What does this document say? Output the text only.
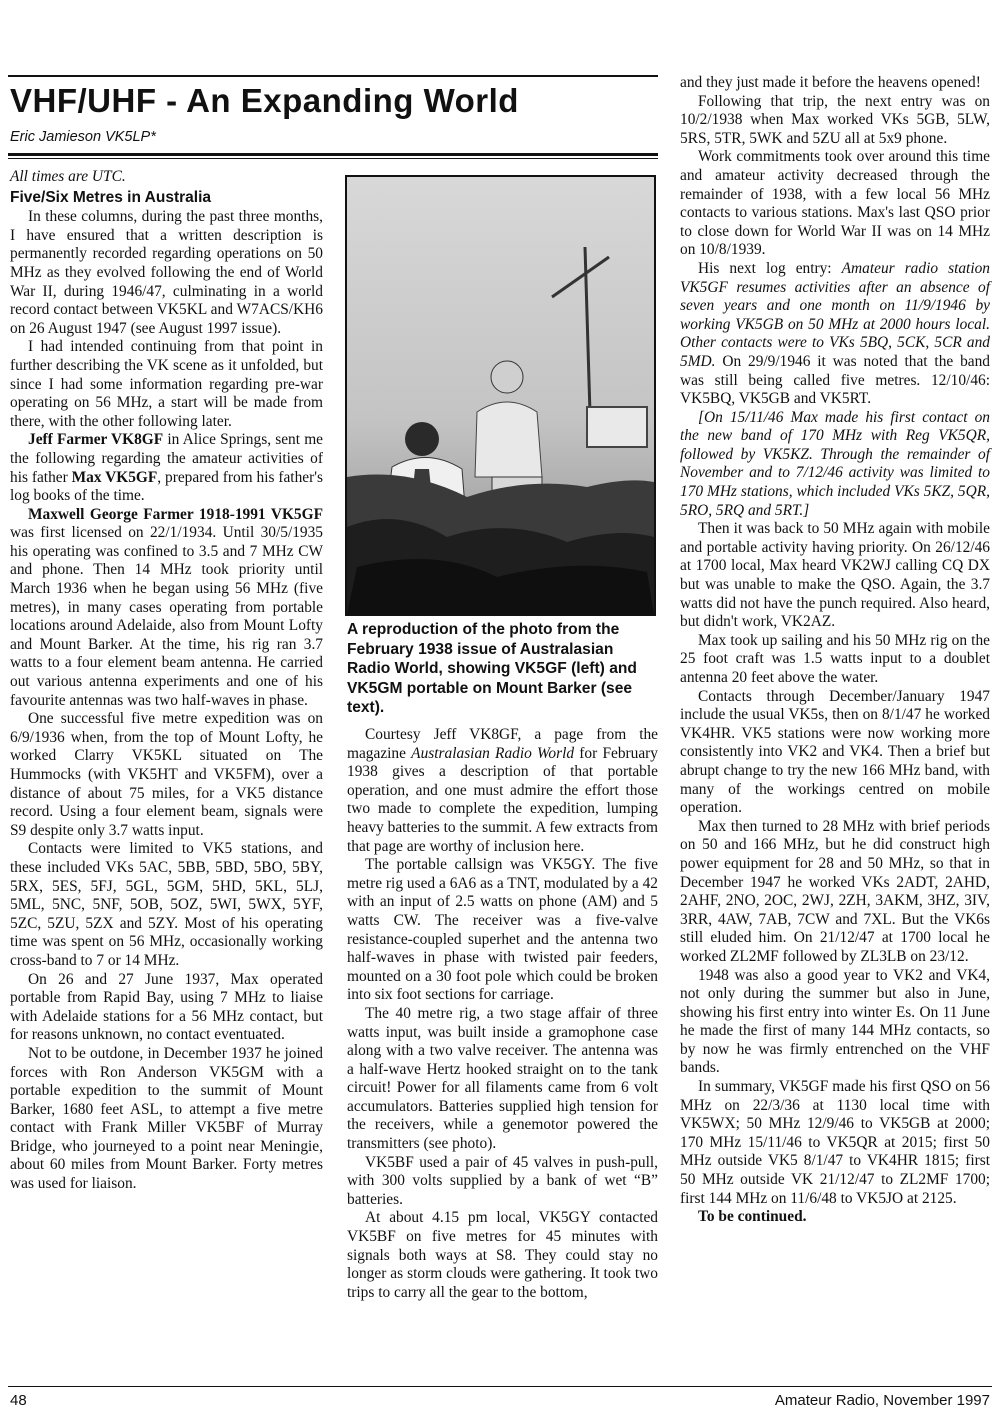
VHF/UHF - An Expanding World
Eric Jamieson VK5LP*

All times are UTC.

Five/Six Metres in Australia

In these columns, during the past three months, I have ensured that a written description is permanently recorded regarding operations on 50 MHz as they evolved following the end of World War II, during 1946/47, culminating in a world record contact between VK5KL and W7ACS/KH6 on 26 August 1947 (see August 1997 issue).

I had intended continuing from that point in further describing the VK scene as it unfolded, but since I had some information regarding pre-war operating on 56 MHz, a start will be made from there, with the other following later.

Jeff Farmer VK8GF in Alice Springs, sent me the following regarding the amateur activities of his father Max VK5GF, prepared from his father's log books of the time.

Maxwell George Farmer 1918-1991 VK5GF was first licensed on 22/1/1934. Until 30/5/1935 his operating was confined to 3.5 and 7 MHz CW and phone. Then 14 MHz took priority until March 1936 when he began using 56 MHz (five metres), in many cases operating from portable locations around Adelaide, also from Mount Lofty and Mount Barker. At the time, his rig ran 3.7 watts to a four element beam antenna. He carried out various antenna experiments and one of his favourite antennas was two half-waves in phase.

One successful five metre expedition was on 6/9/1936 when, from the top of Mount Lofty, he worked Clarry VK5KL situated on The Hummocks (with VK5HT and VK5FM), over a distance of about 75 miles, for a VK5 distance record. Using a four element beam, signals were S9 despite only 3.7 watts input.

Contacts were limited to VK5 stations, and these included VKs 5AC, 5BB, 5BD, 5BO, 5BY, 5RX, 5ES, 5FJ, 5GL, 5GM, 5HD, 5KL, 5LJ, 5ML, 5NC, 5NF, 5OB, 5OZ, 5WI, 5WX, 5YF, 5ZC, 5ZU, 5ZX and 5ZY. Most of his operating time was spent on 56 MHz, occasionally working cross-band to 7 or 14 MHz.

On 26 and 27 June 1937, Max operated portable from Rapid Bay, using 7 MHz to liaise with Adelaide stations for a 56 MHz contact, but for reasons unknown, no contact eventuated.

Not to be outdone, in December 1937 he joined forces with Ron Anderson VK5GM with a portable expedition to the summit of Mount Barker, 1680 feet ASL, to attempt a five metre contact with Frank Miller VK5BF of Murray Bridge, who journeyed to a point near Meningie, about 60 miles from Mount Barker. Forty metres was used for liaison.

A reproduction of the photo from the February 1938 issue of Australasian Radio World, showing VK5GF (left) and VK5GM portable on Mount Barker (see text).

Courtesy Jeff VK8GF, a page from the magazine Australasian Radio World for February 1938 gives a description of that portable operation, and one must admire the effort those two made to complete the expedition, lumping heavy batteries to the summit. A few extracts from that page are worthy of inclusion here.

The portable callsign was VK5GY. The five metre rig used a 6A6 as a TNT, modulated by a 42 with an input of 2.5 watts on phone (AM) and 5 watts CW. The receiver was a five-valve resistance-coupled superhet and the antenna two half-waves in phase with twisted pair feeders, mounted on a 30 foot pole which could be broken into six foot sections for carriage.

The 40 metre rig, a two stage affair of three watts input, was built inside a gramophone case along with a two valve receiver. The antenna was a half-wave Hertz hooked straight on to the tank circuit! Power for all filaments came from 6 volt accumulators. Batteries supplied high tension for the receivers, while a genemotor powered the transmitters (see photo).

VK5BF used a pair of 45 valves in push-pull, with 300 volts supplied by a bank of wet “B” batteries.

At about 4.15 pm local, VK5GY contacted VK5BF on five metres for 45 minutes with signals both ways at S8. They could stay no longer as storm clouds were gathering. It took two trips to carry all the gear to the bottom,

and they just made it before the heavens opened!

Following that trip, the next entry was on 10/2/1938 when Max worked VKs 5GB, 5LW, 5RS, 5TR, 5WK and 5ZU all at 5x9 phone.

Work commitments took over around this time and amateur activity decreased through the remainder of 1938, with a few local 56 MHz contacts to various stations. Max's last QSO prior to close down for World War II was on 14 MHz on 10/8/1939.

His next log entry: Amateur radio station VK5GF resumes activities after an absence of seven years and one month on 11/9/1946 by working VK5GB on 50 MHz at 2000 hours local. Other contacts were to VKs 5BQ, 5CK, 5CR and 5MD. On 29/9/1946 it was noted that the band was still being called five metres. 12/10/46: VK5BQ, VK5GB and VK5RT.

[On 15/11/46 Max made his first contact on the new band of 170 MHz with Reg VK5QR, followed by VK5KZ. Through the remainder of November and to 7/12/46 activity was limited to 170 MHz stations, which included VKs 5KZ, 5QR, 5RO, 5RQ and 5RT.]

Then it was back to 50 MHz again with mobile and portable activity having priority. On 26/12/46 at 1700 local, Max heard VK2WJ calling CQ DX but was unable to make the QSO. Again, the 3.7 watts did not have the punch required. Also heard, but didn't work, VK2AZ.

Max took up sailing and his 50 MHz rig on the 25 foot craft was 1.5 watts input to a doublet antenna 20 feet above the water.

Contacts through December/January 1947 include the usual VK5s, then on 8/1/47 he worked VK4HR. VK5 stations were now working more consistently into VK2 and VK4. Then a brief but abrupt change to try the new 166 MHz band, with many of the workings centred on mobile operation.

Max then turned to 28 MHz with brief periods on 50 and 166 MHz, but he did construct high power equipment for 28 and 50 MHz, so that in December 1947 he worked VKs 2ADT, 2AHD, 2AHF, 2NO, 2OC, 2WJ, 2ZH, 3AKM, 3HZ, 3IV, 3RR, 4AW, 7AB, 7CW and 7XL. But the VK6s still eluded him. On 21/12/47 at 1700 local he worked ZL2MF followed by ZL3LB on 23/12.

1948 was also a good year to VK2 and VK4, not only during the summer but also in June, showing his first entry into winter Es. On 11 June he made the first of many 144 MHz contacts, so by now he was firmly entrenched on the VHF bands.

In summary, VK5GF made his first QSO on 56 MHz on 22/3/36 at 1130 local time with VK5WX; 50 MHz 12/9/46 to VK5GB at 2000; 170 MHz 15/11/46 to VK5QR at 2015; first 50 MHz outside VK5 8/1/47 to VK4HR 1815; first 50 MHz outside VK 21/12/47 to ZL2MF 1700; first 144 MHz on 11/6/48 to VK5JO at 2125.

To be continued.

48	Amateur Radio, November 1997
